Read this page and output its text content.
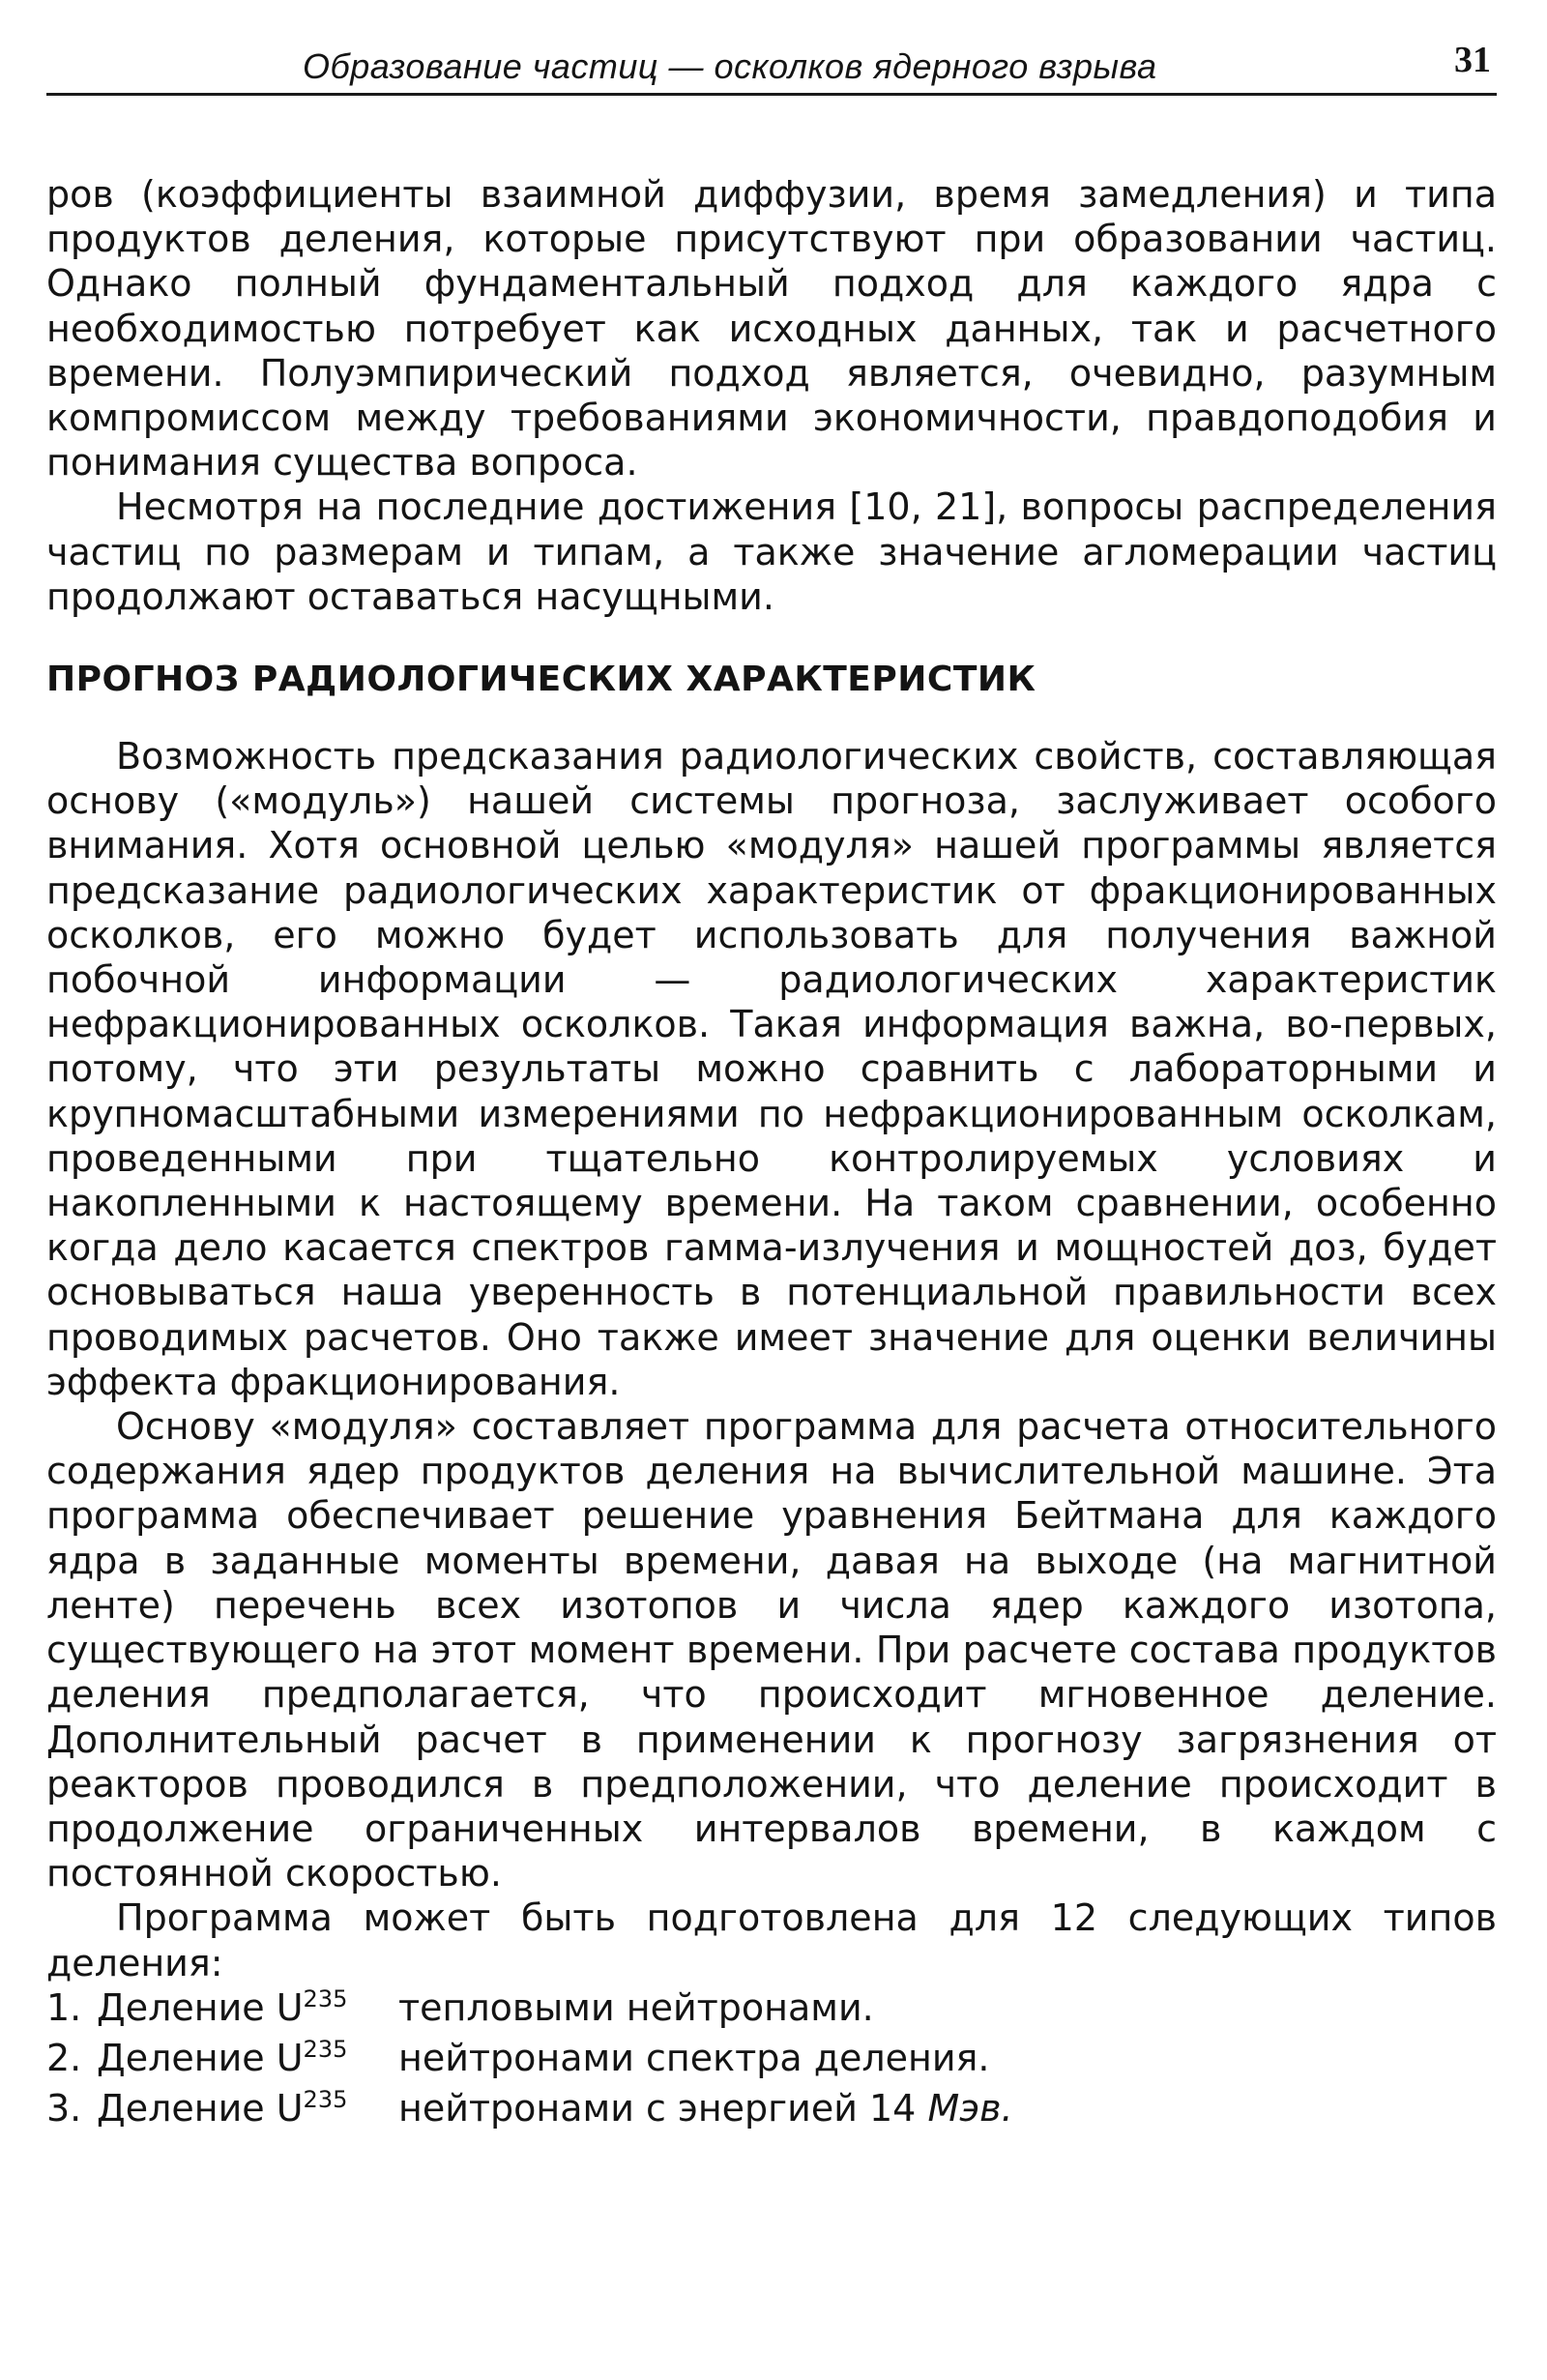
Образование частиц — осколков ядерного взрыва	31

ров (коэффициенты взаимной диффузии, время замедления) и типа продуктов деления, которые присутствуют при образовании частиц. Однако полный фундаментальный подход для каждого ядра с необходимостью потребует как исходных данных, так и расчетного времени. Полуэмпирический подход является, очевидно, разумным компромиссом между требованиями экономичности, правдоподобия и понимания существа вопроса.

Несмотря на последние достижения [10, 21], вопросы распределения частиц по размерам и типам, а также значение агломерации частиц продолжают оставаться насущными.

ПРОГНОЗ РАДИОЛОГИЧЕСКИХ ХАРАКТЕРИСТИК

Возможность предсказания радиологических свойств, составляющая основу («модуль») нашей системы прогноза, заслуживает особого внимания. Хотя основной целью «модуля» нашей программы является предсказание радиологических характеристик от фракционированных осколков, его можно будет использовать для получения важной побочной информации — радиологических характеристик нефракционированных осколков. Такая информация важна, во-первых, потому, что эти результаты можно сравнить с лабораторными и крупномасштабными измерениями по нефракционированным осколкам, проведенными при тщательно контролируемых условиях и накопленными к настоящему времени. На таком сравнении, особенно когда дело касается спектров гамма-излучения и мощностей доз, будет основываться наша уверенность в потенциальной правильности всех проводимых расчетов. Оно также имеет значение для оценки величины эффекта фракционирования.

Основу «модуля» составляет программа для расчета относительного содержания ядер продуктов деления на вычислительной машине. Эта программа обеспечивает решение уравнения Бейтмана для каждого ядра в заданные моменты времени, давая на выходе (на магнитной ленте) перечень всех изотопов и числа ядер каждого изотопа, существующего на этот момент времени. При расчете состава продуктов деления предполагается, что происходит мгновенное деление. Дополнительный расчет в применении к прогнозу загрязнения от реакторов проводился в предположении, что деление происходит в продолжение ограниченных интервалов времени, в каждом с постоянной скоростью.

Программа может быть подготовлена для 12 следующих типов деления:

1. Деление $U^{235}$	тепловыми нейтронами.
2. Деление $U^{235}$	нейтронами спектра деления.
3. Деление $U^{235}$	нейтронами с энергией 14 Мэв.
